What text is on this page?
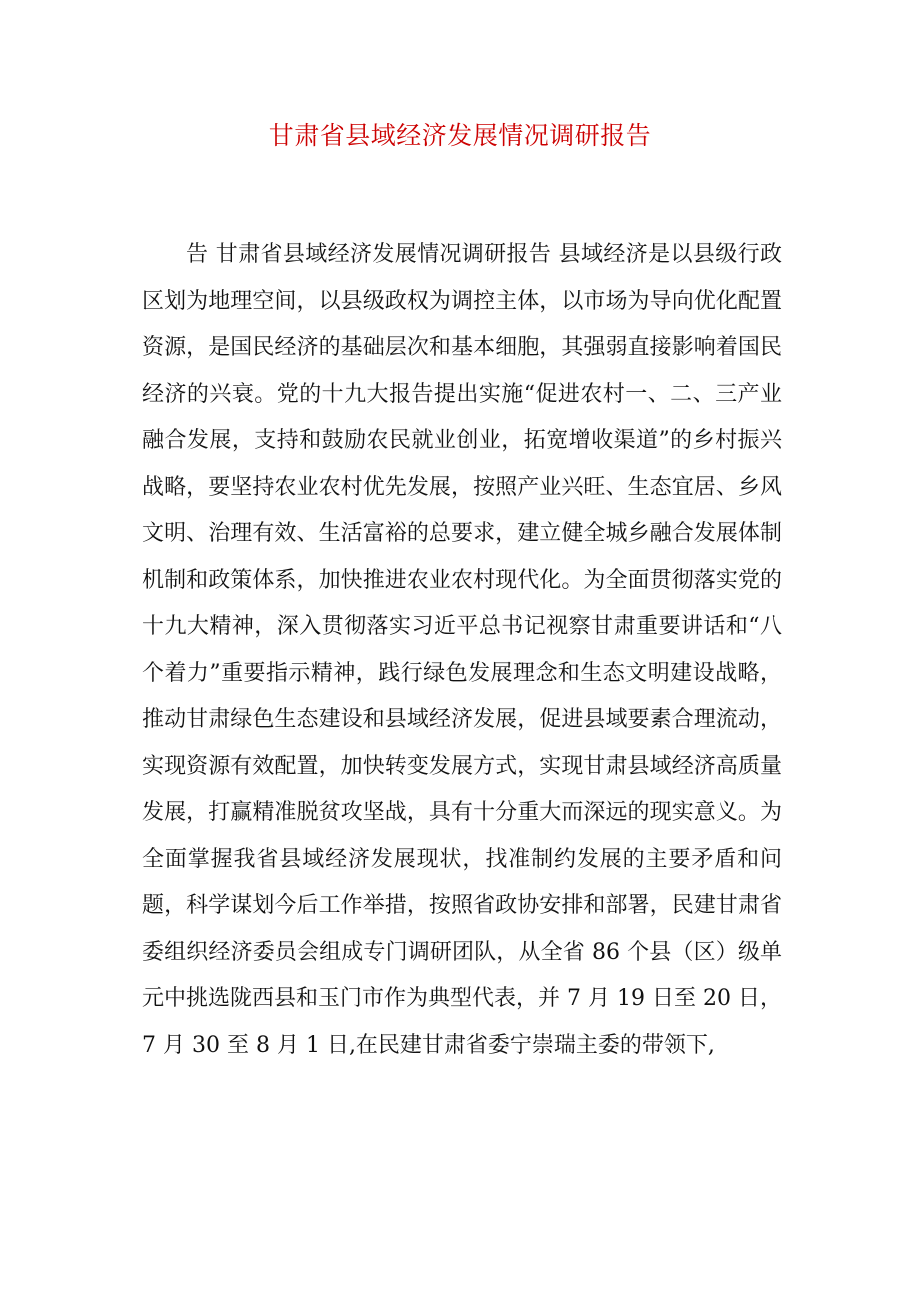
甘肃省县域经济发展情况调研报告

告 甘肃省县域经济发展情况调研报告 县域经济是以县级行政区划为地理空间，以县级政权为调控主体，以市场为导向优化配置资源，是国民经济的基础层次和基本细胞，其强弱直接影响着国民经济的兴衰。党的十九大报告提出实施“促进农村一、二、三产业融合发展，支持和鼓励农民就业创业，拓宽增收渠道”的乡村振兴战略，要坚持农业农村优先发展，按照产业兴旺、生态宜居、乡风文明、治理有效、生活富裕的总要求，建立健全城乡融合发展体制机制和政策体系，加快推进农业农村现代化。为全面贯彻落实党的十九大精神，深入贯彻落实习近平总书记视察甘肃重要讲话和“八个着力”重要指示精神，践行绿色发展理念和生态文明建设战略，推动甘肃绿色生态建设和县域经济发展，促进县域要素合理流动，实现资源有效配置，加快转变发展方式，实现甘肃县域经济高质量发展，打赢精准脱贫攻坚战，具有十分重大而深远的现实意义。为全面掌握我省县域经济发展现状，找准制约发展的主要矛盾和问题，科学谋划今后工作举措，按照省政协安排和部署，民建甘肃省委组织经济委员会组成专门调研团队，从全省 86 个县（区）级单元中挑选陇西县和玉门市作为典型代表，并 7 月 19 日至 20 日，7 月 30 至 8 月 1 日,在民建甘肃省委宁崇瑞主委的带领下,
